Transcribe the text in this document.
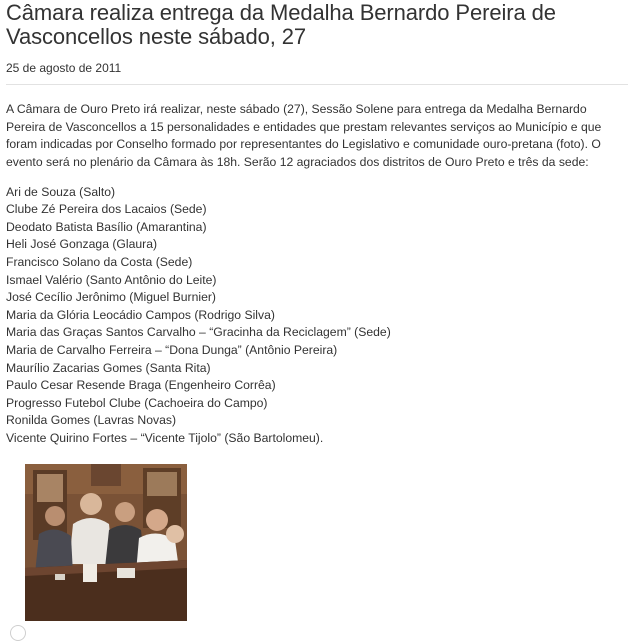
Câmara realiza entrega da Medalha Bernardo Pereira de Vasconcellos neste sábado, 27
25 de agosto de 2011

A Câmara de Ouro Preto irá realizar, neste sábado (27), Sessão Solene para entrega da Medalha Bernardo Pereira de Vasconcellos a 15 personalidades e entidades que prestam relevantes serviços ao Município e que foram indicadas por Conselho formado por representantes do Legislativo e comunidade ouro-pretana (foto). O evento será no plenário da Câmara às 18h. Serão 12 agraciados dos distritos de Ouro Preto e três da sede:

Ari de Souza (Salto)
Clube Zé Pereira dos Lacaios (Sede)
Deodato Batista Basílio (Amarantina)
Heli José Gonzaga (Glaura)
Francisco Solano da Costa (Sede)
Ismael Valério (Santo Antônio do Leite)
José Cecílio Jerônimo (Miguel Burnier)
Maria da Glória Leocádio Campos (Rodrigo Silva)
Maria das Graças Santos Carvalho – “Gracinha da Reciclagem” (Sede)
Maria de Carvalho Ferreira – “Dona Dunga” (Antônio Pereira)
Maurílio Zacarias Gomes (Santa Rita)
Paulo Cesar Resende Braga (Engenheiro Corrêa)
Progresso Futebol Clube (Cachoeira do Campo)
Ronilda Gomes (Lavras Novas)
Vicente Quirino Fortes – “Vicente Tijolo” (São Bartolomeu).
